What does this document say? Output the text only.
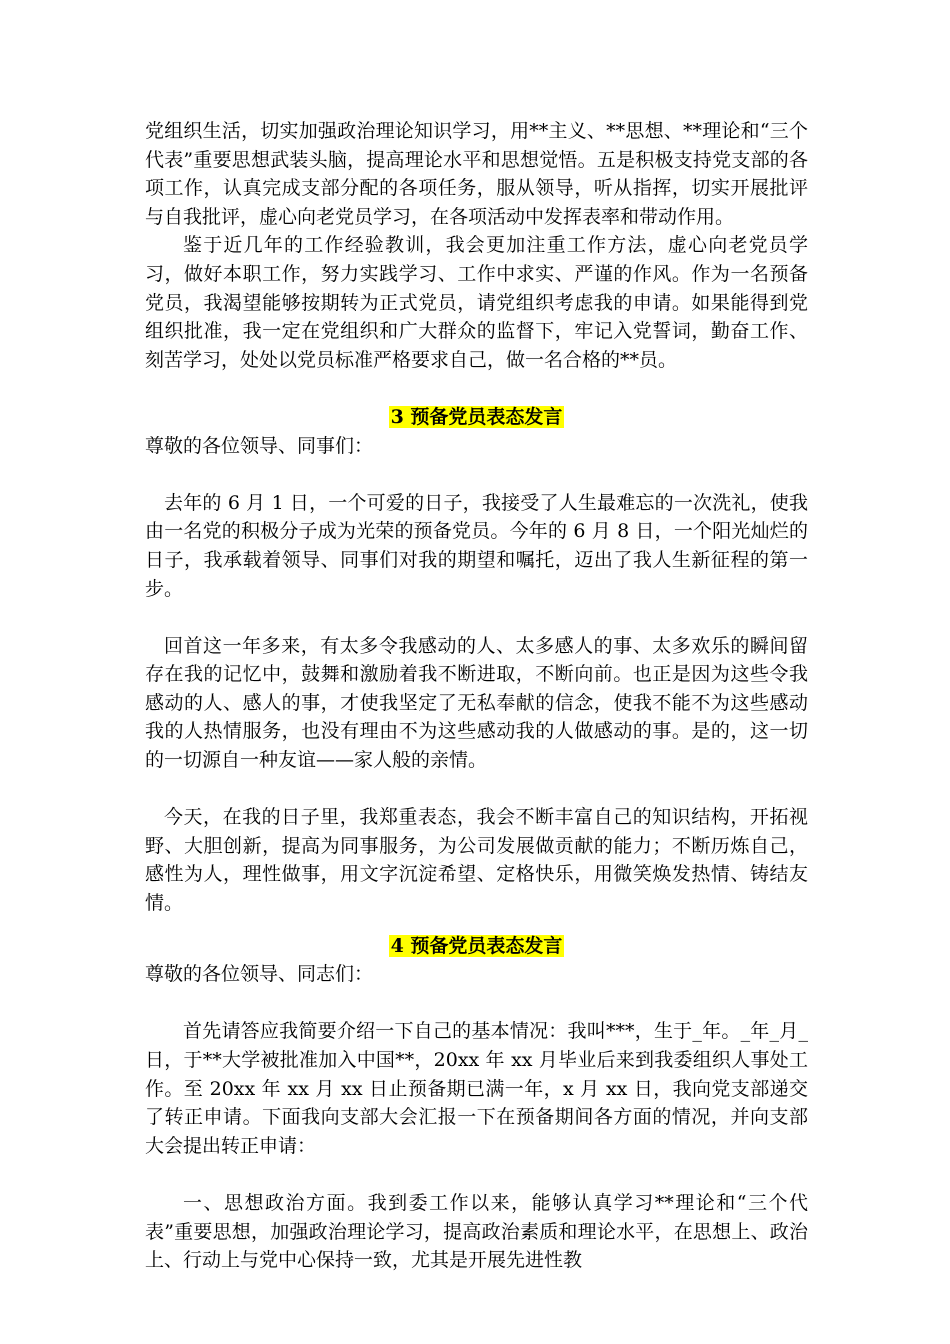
党组织生活，切实加强政治理论知识学习，用**主义、**思想、**理论和“三个代表”重要思想武装头脑，提高理论水平和思想觉悟。五是积极支持党支部的各项工作，认真完成支部分配的各项任务，服从领导，听从指挥，切实开展批评与自我批评，虚心向老党员学习，在各项活动中发挥表率和带动作用。

鉴于近几年的工作经验教训，我会更加注重工作方法，虚心向老党员学习，做好本职工作，努力实践学习、工作中求实、严谨的作风。作为一名预备党员，我渴望能够按期转为正式党员，请党组织考虑我的申请。如果能得到党组织批准，我一定在党组织和广大群众的监督下，牢记入党誓词，勤奋工作、刻苦学习，处处以党员标准严格要求自己，做一名合格的**员。

3 预备党员表态发言

尊敬的各位领导、同事们：

去年的 6 月 1 日，一个可爱的日子，我接受了人生最难忘的一次洗礼，使我由一名党的积极分子成为光荣的预备党员。今年的 6 月 8 日，一个阳光灿烂的日子，我承载着领导、同事们对我的期望和嘱托，迈出了我人生新征程的第一步。

回首这一年多来，有太多令我感动的人、太多感人的事、太多欢乐的瞬间留存在我的记忆中，鼓舞和激励着我不断进取，不断向前。也正是因为这些令我感动的人、感人的事，才使我坚定了无私奉献的信念，使我不能不为这些感动我的人热情服务，也没有理由不为这些感动我的人做感动的事。是的，这一切的一切源自一种友谊——家人般的亲情。

今天，在我的日子里，我郑重表态，我会不断丰富自己的知识结构，开拓视野、大胆创新，提高为同事服务，为公司发展做贡献的能力；不断历炼自己，感性为人，理性做事，用文字沉淀希望、定格快乐，用微笑焕发热情、铸结友情。

4 预备党员表态发言

尊敬的各位领导、同志们：

首先请答应我简要介绍一下自己的基本情况：我叫***，生于_年。_年_月_日，于**大学被批准加入中国**，20xx 年 xx 月毕业后来到我委组织人事处工作。至 20xx 年 xx 月 xx 日止预备期已满一年，x 月 xx 日，我向党支部递交了转正申请。下面我向支部大会汇报一下在预备期间各方面的情况，并向支部大会提出转正申请：

一、思想政治方面。我到委工作以来，能够认真学习**理论和“三个代表”重要思想，加强政治理论学习，提高政治素质和理论水平，在思想上、政治上、行动上与党中心保持一致，尤其是开展先进性教
